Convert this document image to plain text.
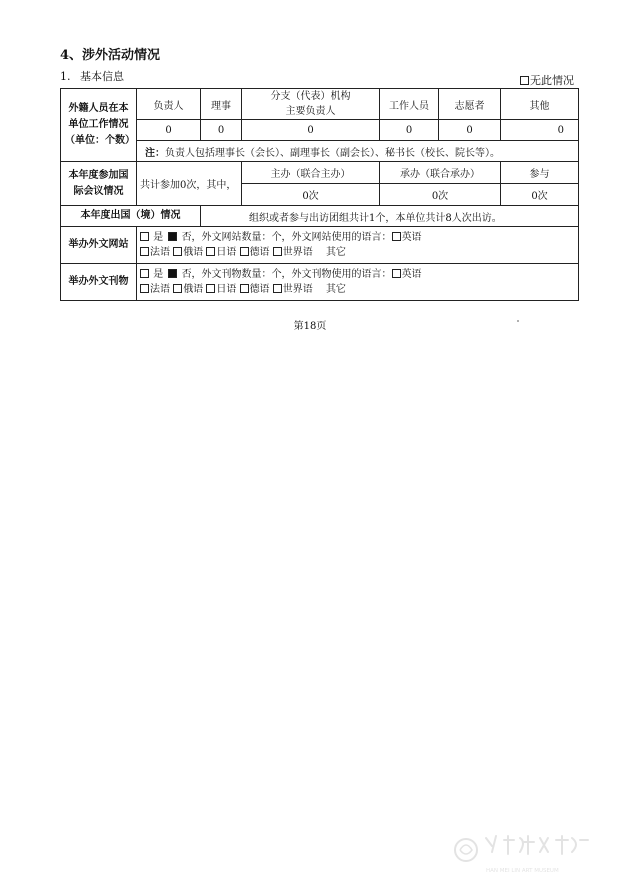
4、涉外活动情况
1. 基本信息	无此情况
外籍人员在本单位工作情况（单位：个数）	负责人	理事	分支（代表）机构主要负责人	工作人员	志愿者	其他
	0	0	0	0	0	0
	注：负责人包括理事长（会长）、副理事长（副会长）、秘书长（校长、院长等）。					
本年度参加国际会议情况	共计参加0次，其中，		主办（联合主办）	承办（联合承办）		参与
			0次	0次		0次
本年度出国（境）情况		组织或者参与出访团组共计1个，本单位共计8人次出访。				
举办外文网站	是 否，外文网站数量：个，外文网站使用的语言： 英语
法语 俄语 日语 德语 世界语 其它					

举办外文刊物	是 否，外文刊物数量：个，外文刊物使用的语言： 英语
法语 俄语 日语 德语 世界语 其它					
第18页
HAN MEI LIN ART MUSEUM
